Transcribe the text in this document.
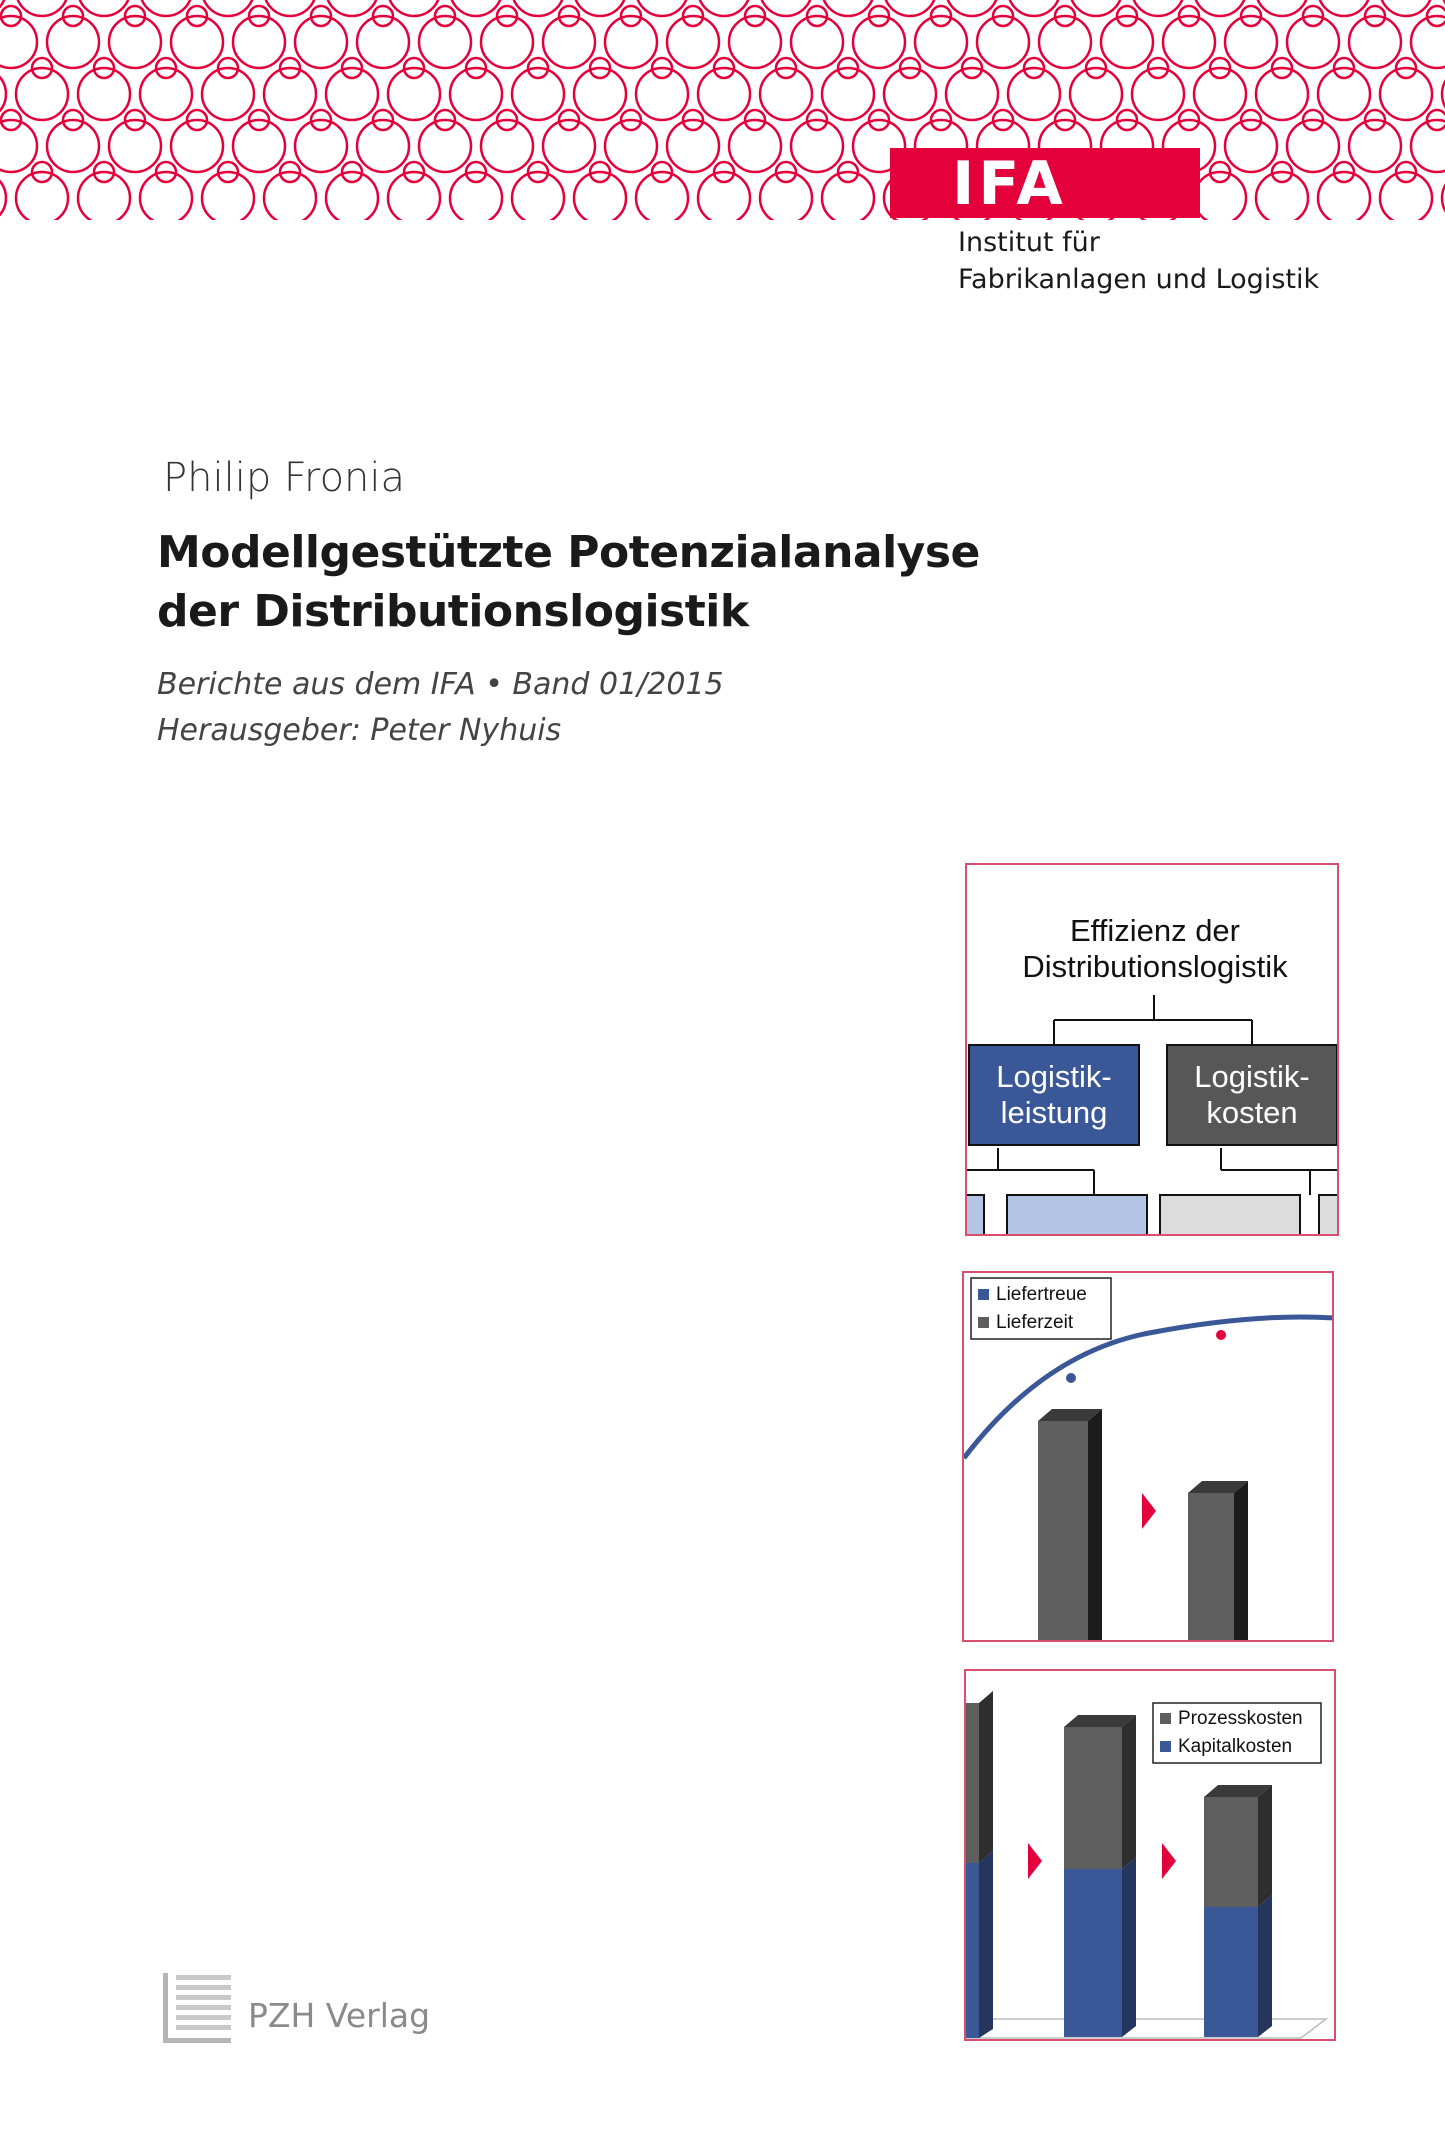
IFA
Institut für
Fabrikanlagen und Logistik
Philip Fronia
Modellgestützte Potenzialanalyse
der Distributionslogistik
Berichte aus dem IFA • Band 01/2015
Herausgeber: Peter Nyhuis
Effizienz der
Distributionslogistik
Logistik-
leistung
Logistik-
kosten
Liefertreue
Lieferzeit
Prozesskosten
Kapitalkosten
PZH Verlag
